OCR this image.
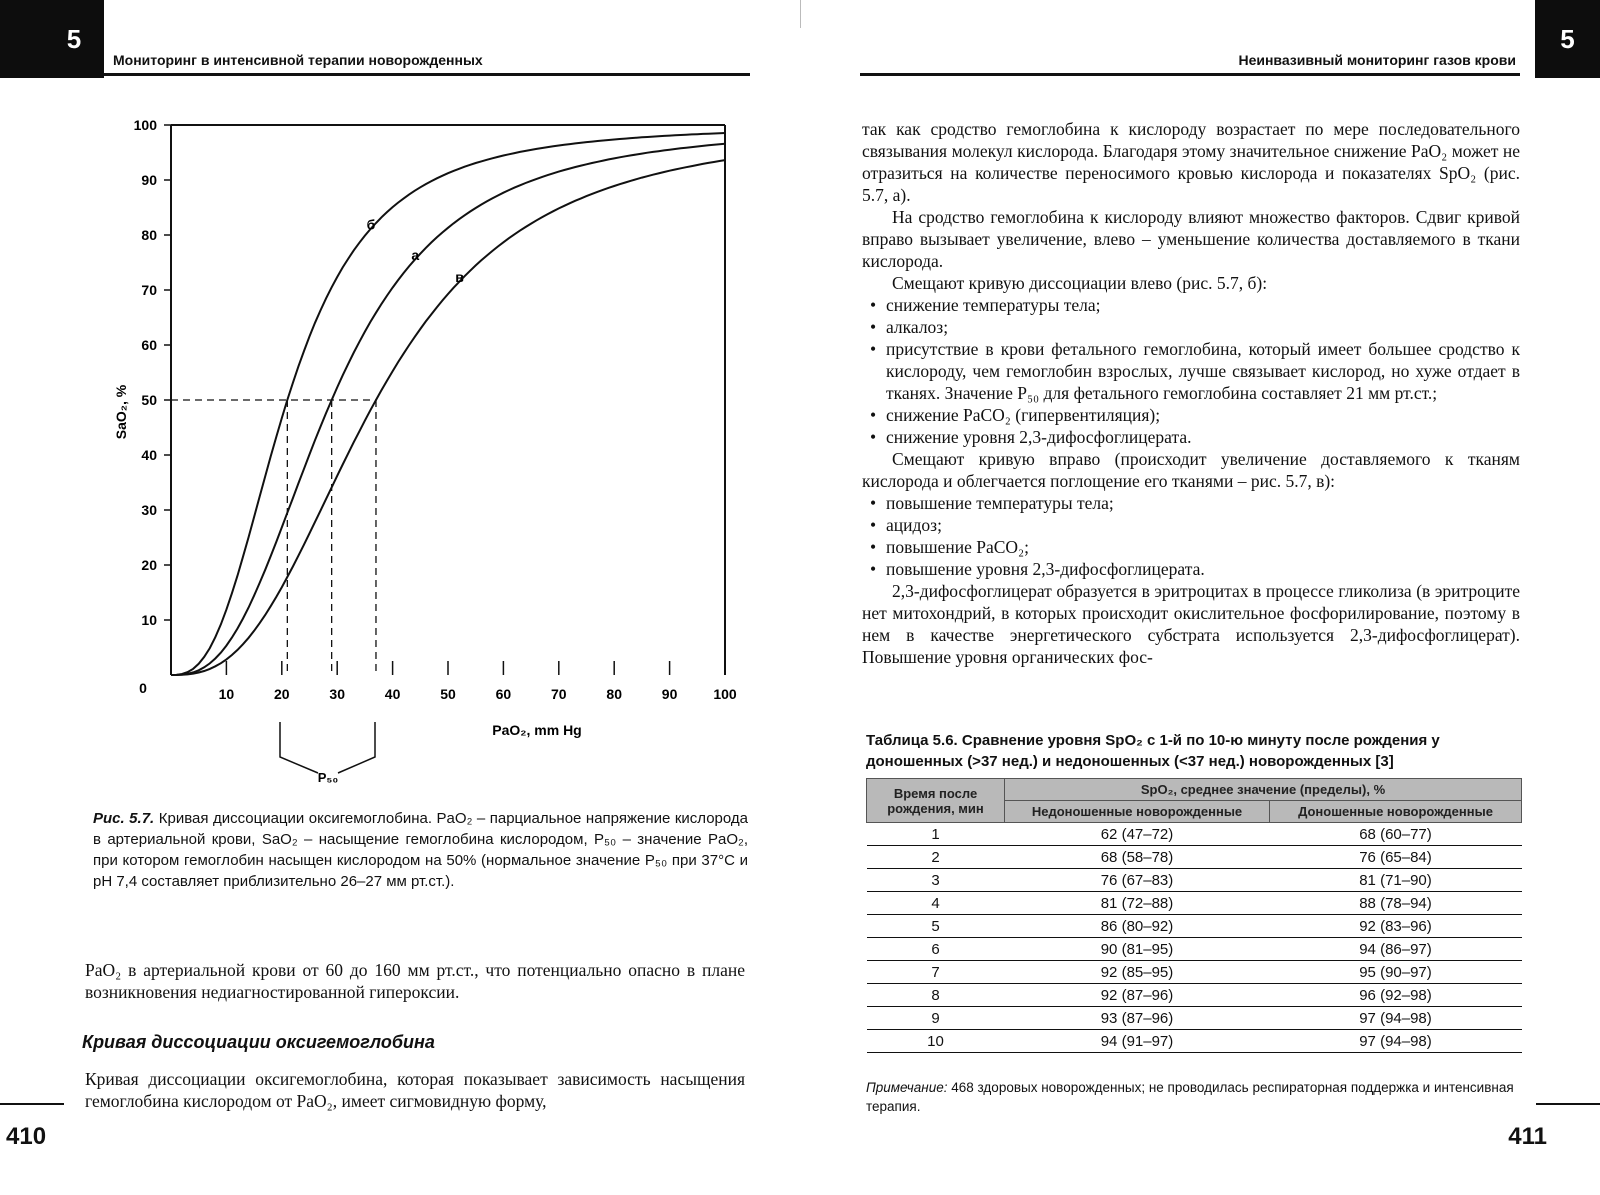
5
Мониторинг в интенсивной терапии новорожденных
10
20
30
40
50
60
70
80
90
100
10	20	30	40	50	60	70	80	90	100
б
а
в
SaO₂, %
PaO₂, mm Hg
0
P₅₀
Рис. 5.7. Кривая диссоциации оксигемоглобина. PaO₂ – парциальное напряжение кислорода в артериальной крови, SaO₂ – насыщение гемоглобина кислородом, P₅₀ – значение PaO₂, при котором гемоглобин насыщен кислородом на 50% (нормальное значение P₅₀ при 37°C и pH 7,4 составляет приблизительно 26–27 мм рт.ст.).
PaO₂ в артериальной крови от 60 до 160 мм рт.ст., что потенциально опасно в плане возникновения недиагностированной гипероксии.
Кривая диссоциации оксигемоглобина
Кривая диссоциации оксигемоглобина, которая показывает зависимость насыщения гемоглобина кислородом от PaO₂, имеет сигмовидную форму,
410
Неинвазивный мониторинг газов крови
5

так как сродство гемоглобина к кислороду возрастает по мере последовательного связывания молекул кислорода. Благодаря этому значительное снижение PaO₂ может не отразиться на количестве переносимого кровью кислорода и показателях SpO₂ (рис. 5.7, а).

На сродство гемоглобина к кислороду влияют множество факторов. Сдвиг кривой вправо вызывает увеличение, влево – уменьшение количества доставляемого в ткани кислорода.

Смещают кривую диссоциации влево (рис. 5.7, б):

• снижение температуры тела;
• алкалоз;
• присутствие в крови фетального гемоглобина, который имеет большее сродство к кислороду, чем гемоглобин взрослых, лучше связывает кислород, но хуже отдает в тканях. Значение P₅₀ для фетального гемоглобина составляет 21 мм рт.ст.;
• снижение PaCO₂ (гипервентиляция);
• снижение уровня 2,3-дифосфоглицерата.

Смещают кривую вправо (происходит увеличение доставляемого к тканям кислорода и облегчается поглощение его тканями – рис. 5.7, в):

• повышение температуры тела;
• ацидоз;
• повышение PaCO₂;
• повышение уровня 2,3-дифосфоглицерата.

2,3-дифосфоглицерат образуется в эритроцитах в процессе гликолиза (в эритроците нет митохондрий, в которых происходит окислительное фосфорилирование, поэтому в нем в качестве энергетического субстрата используется 2,3-дифосфоглицерат). Повышение уровня органических фос-

Таблица 5.6. Сравнение уровня SpO₂ с 1-й по 10-ю минуту после рождения у доношенных (>37 нед.) и недоношенных (<37 нед.) новорожденных [3]
Время после рождения, мин	SpO₂, среднее значение (пределы), %	
	Недоношенные новорожденные	Доношенные новорожденные
1	62 (47–72)	68 (60–77)
2	68 (58–78)	76 (65–84)
3	76 (67–83)	81 (71–90)
4	81 (72–88)	88 (78–94)
5	86 (80–92)	92 (83–96)
6	90 (81–95)	94 (86–97)
7	92 (85–95)	95 (90–97)
8	92 (87–96)	96 (92–98)
9	93 (87–96)	97 (94–98)
10	94 (91–97)	97 (94–98)
Примечание: 468 здоровых новорожденных; не проводилась респираторная поддержка и интенсивная терапия.
411
